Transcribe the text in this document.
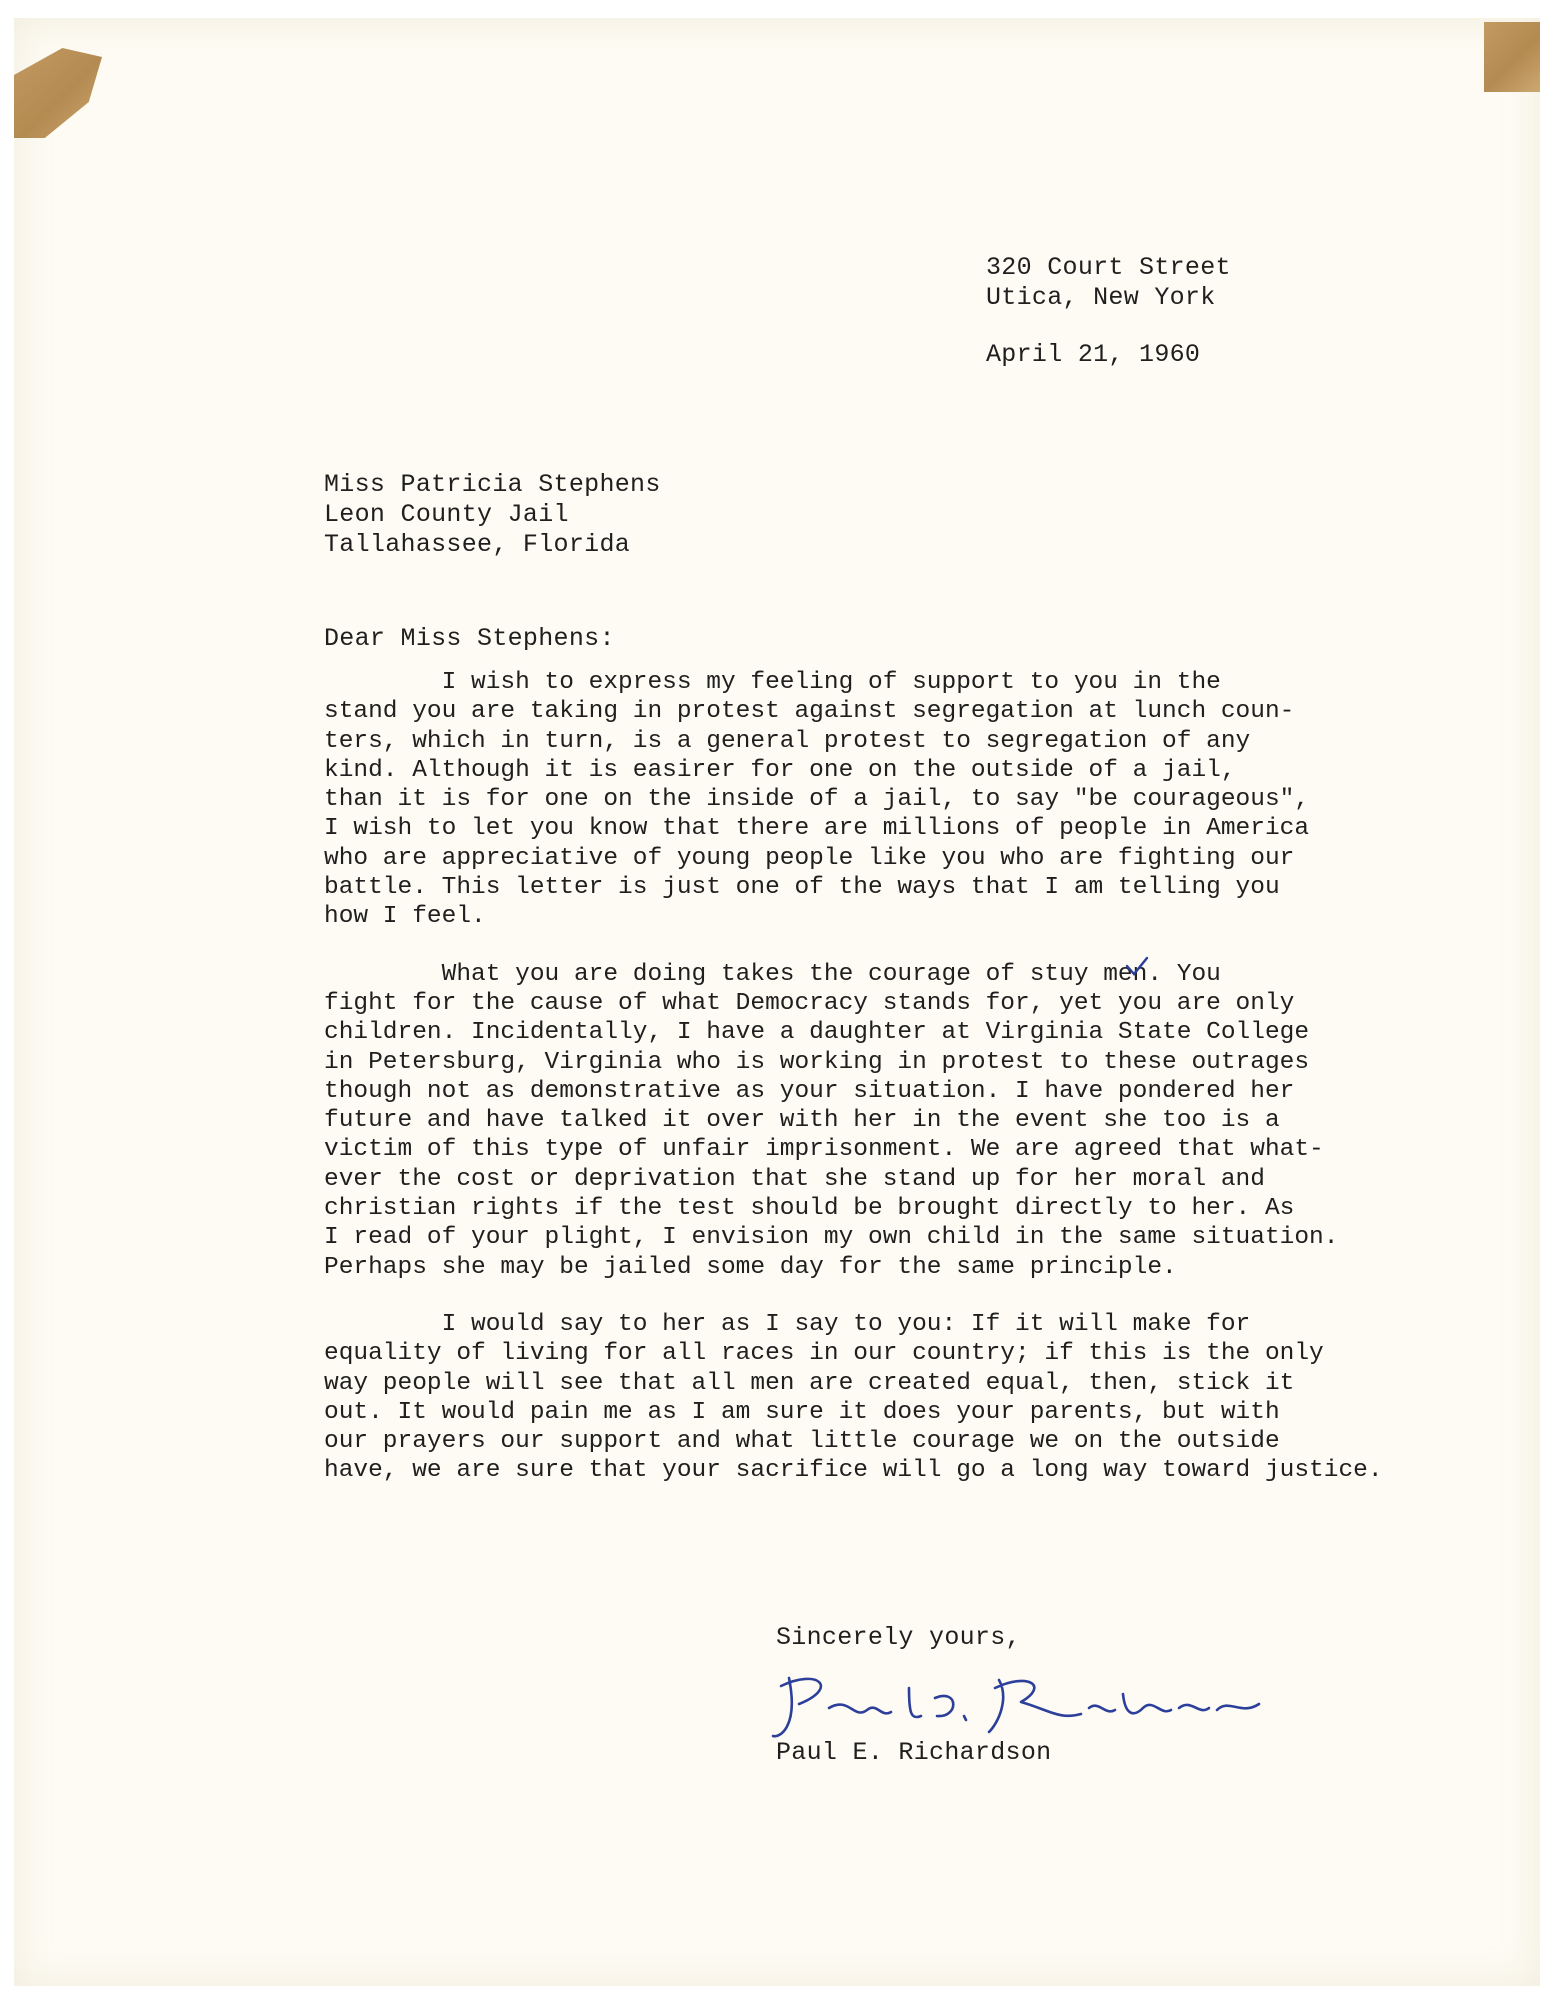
320 Court Street
Utica, New York
April 21, 1960
Miss Patricia Stephens
Leon County Jail
Tallahassee, Florida
Dear Miss Stephens:
I wish to express my feeling of support to you in the
stand you are taking in protest against segregation at lunch coun-
ters, which in turn, is a general protest to segregation of any
kind. Although it is easirer for one on the outside of a jail,
than it is for one on the inside of a jail, to say "be courageous",
I wish to let you know that there are millions of people in America
who are appreciative of young people like you who are fighting our
battle. This letter is just one of the ways that I am telling you
how I feel.
What you are doing takes the courage of stuy men. You
fight for the cause of what Democracy stands for, yet you are only
children. Incidentally, I have a daughter at Virginia State College
in Petersburg, Virginia who is working in protest to these outrages
though not as demonstrative as your situation. I have pondered her
future and have talked it over with her in the event she too is a
victim of this type of unfair imprisonment. We are agreed that what-
ever the cost or deprivation that she stand up for her moral and
christian rights if the test should be brought directly to her. As
I read of your plight, I envision my own child in the same situation.
Perhaps she may be jailed some day for the same principle.
I would say to her as I say to you: If it will make for
equality of living for all races in our country; if this is the only
way people will see that all men are created equal, then, stick it
out. It would pain me as I am sure it does your parents, but with
our prayers our support and what little courage we on the outside
have, we are sure that your sacrifice will go a long way toward justice.
Sincerely yours,
Paul E. Richardson
